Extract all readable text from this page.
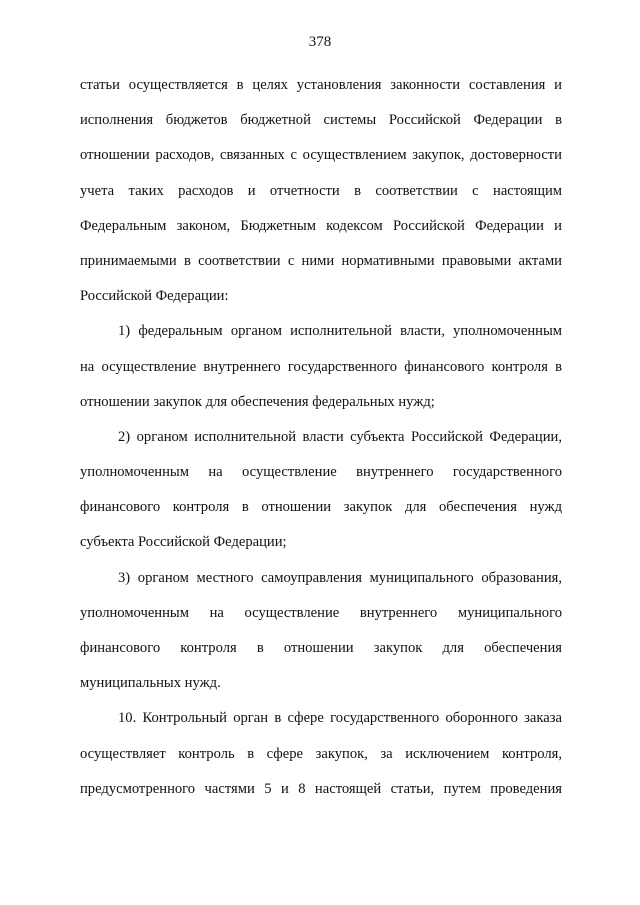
378
статьи осуществляется в целях установления законности составления и
исполнения бюджетов бюджетной системы Российской Федерации в
отношении расходов, связанных с осуществлением закупок, достоверности
учета таких расходов и отчетности в соответствии с настоящим
Федеральным законом, Бюджетным кодексом Российской Федерации и
принимаемыми в соответствии с ними нормативными правовыми актами
Российской Федерации:
1) федеральным органом исполнительной власти, уполномоченным
на осуществление внутреннего государственного финансового контроля в
отношении закупок для обеспечения федеральных нужд;
2) органом исполнительной власти субъекта Российской Федерации,
уполномоченным на осуществление внутреннего государственного
финансового контроля в отношении закупок для обеспечения нужд
субъекта Российской Федерации;
3) органом местного самоуправления муниципального образования,
уполномоченным на осуществление внутреннего муниципального
финансового контроля в отношении закупок для обеспечения
муниципальных нужд.
10. Контрольный орган в сфере государственного оборонного заказа
осуществляет контроль в сфере закупок, за исключением контроля,
предусмотренного частями 5 и 8 настоящей статьи, путем проведения
